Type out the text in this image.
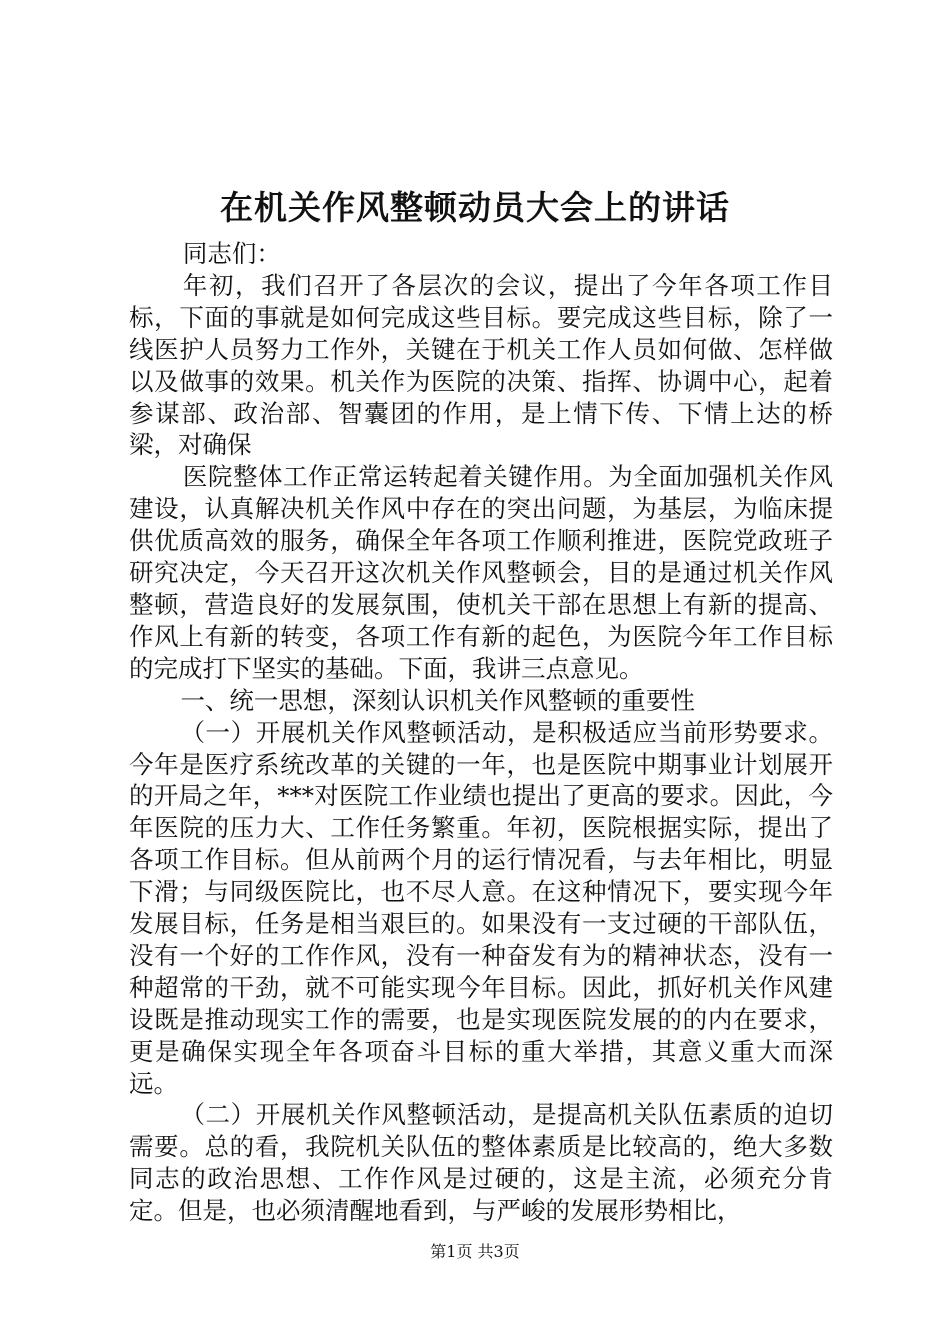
在机关作风整顿动员大会上的讲话

同志们：

年初，我们召开了各层次的会议，提出了今年各项工作目标，下面的事就是如何完成这些目标。要完成这些目标，除了一线医护人员努力工作外，关键在于机关工作人员如何做、怎样做以及做事的效果。机关作为医院的决策、指挥、协调中心，起着参谋部、政治部、智囊团的作用，是上情下传、下情上达的桥梁，对确保

医院整体工作正常运转起着关键作用。为全面加强机关作风建设，认真解决机关作风中存在的突出问题，为基层，为临床提供优质高效的服务，确保全年各项工作顺利推进，医院党政班子研究决定，今天召开这次机关作风整顿会，目的是通过机关作风整顿，营造良好的发展氛围，使机关干部在思想上有新的提高、作风上有新的转变，各项工作有新的起色，为医院今年工作目标的完成打下坚实的基础。下面，我讲三点意见。

一、统一思想，深刻认识机关作风整顿的重要性

（一）开展机关作风整顿活动，是积极适应当前形势要求。今年是医疗系统改革的关键的一年，也是医院中期事业计划展开的开局之年，***对医院工作业绩也提出了更高的要求。因此，今年医院的压力大、工作任务繁重。年初，医院根据实际，提出了各项工作目标。但从前两个月的运行情况看，与去年相比，明显下滑；与同级医院比，也不尽人意。在这种情况下，要实现今年发展目标，任务是相当艰巨的。如果没有一支过硬的干部队伍，没有一个好的工作作风，没有一种奋发有为的精神状态，没有一种超常的干劲，就不可能实现今年目标。因此，抓好机关作风建设既是推动现实工作的需要，也是实现医院发展的的内在要求，更是确保实现全年各项奋斗目标的重大举措，其意义重大而深远。

（二）开展机关作风整顿活动，是提高机关队伍素质的迫切需要。总的看，我院机关队伍的整体素质是比较高的，绝大多数同志的政治思想、工作作风是过硬的，这是主流，必须充分肯定。但是，也必须清醒地看到，与严峻的发展形势相比，

第1页 共3页
